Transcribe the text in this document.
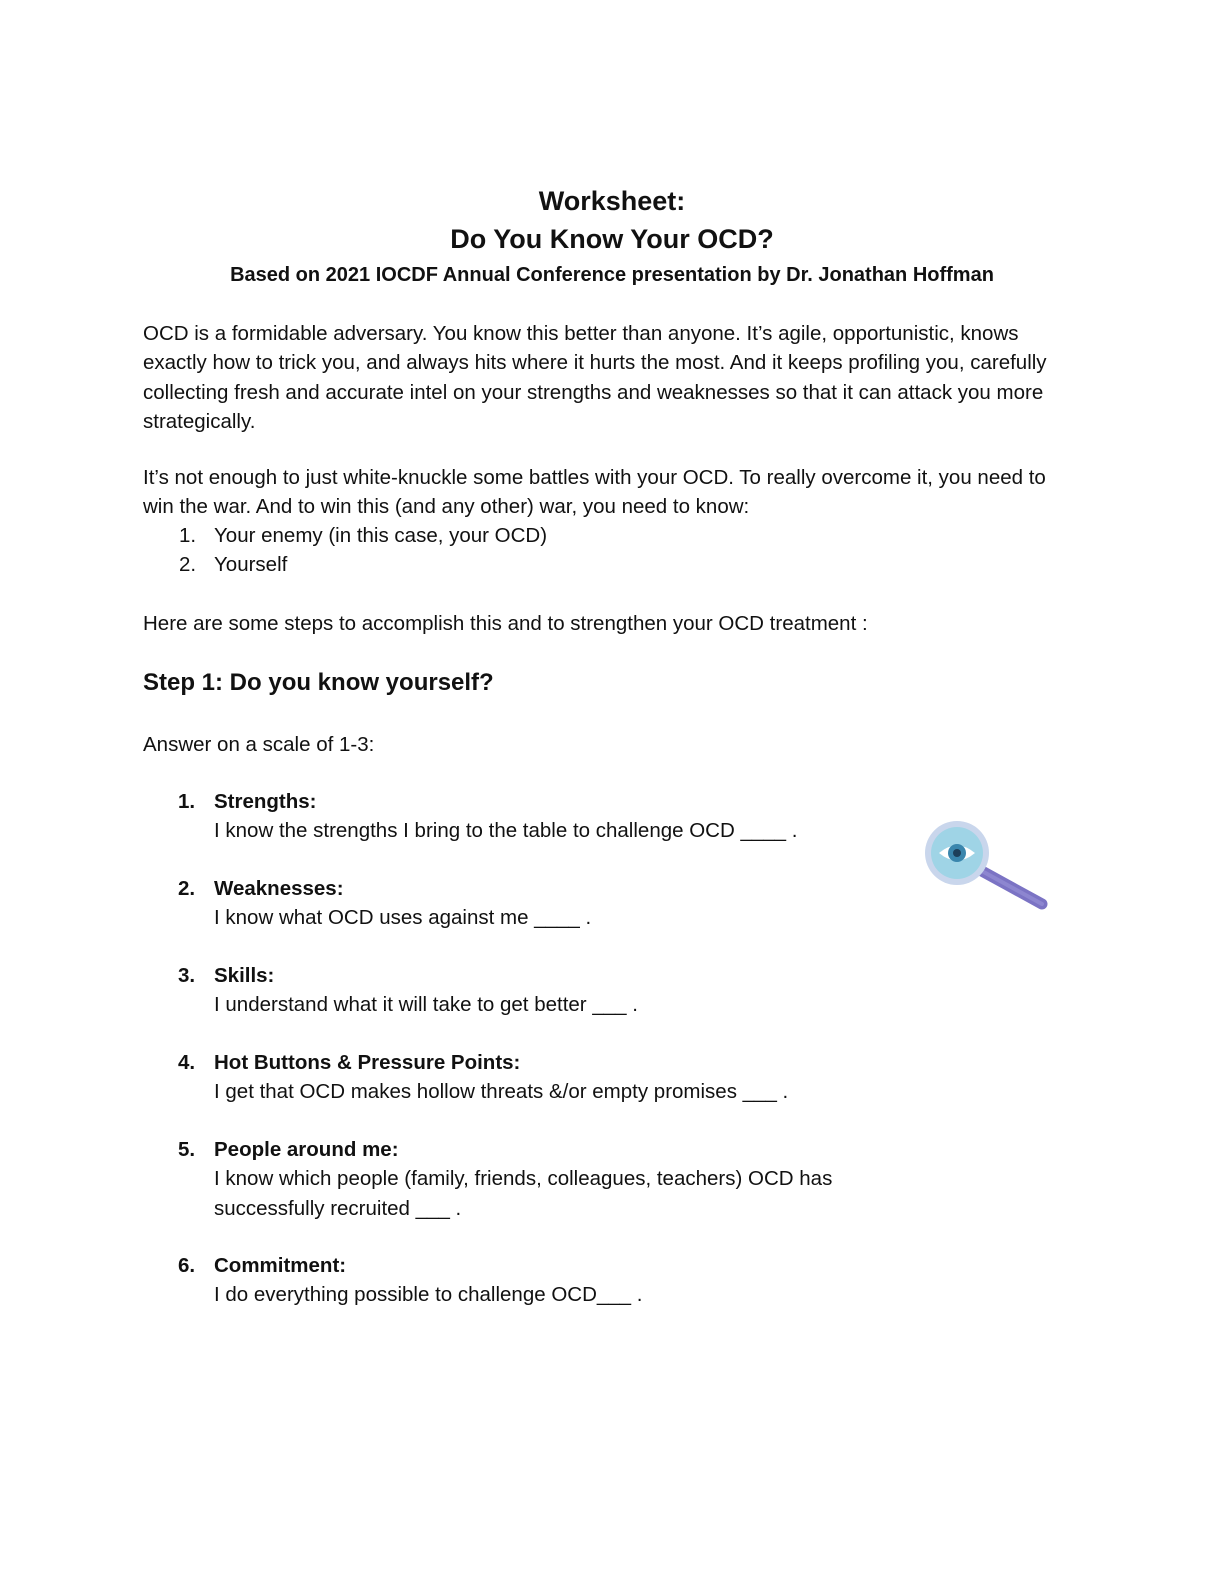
Worksheet:
Do You Know Your OCD?
Based on 2021 IOCDF Annual Conference presentation by Dr. Jonathan Hoffman

OCD is a formidable adversary. You know this better than anyone. It’s agile, opportunistic, knows exactly how to trick you, and always hits where it hurts the most. And it keeps profiling you, carefully collecting fresh and accurate intel on your strengths and weaknesses so that it can attack you more strategically.

It’s not enough to just white-knuckle some battles with your OCD. To really overcome it, you need to win the war. And to win this (and any other) war, you need to know:

1. Your enemy (in this case, your OCD)
2. Yourself

Here are some steps to accomplish this and to strengthen your OCD treatment :

Step 1: Do you know yourself?

Answer on a scale of 1-3:

1. Strengths:
I know the strengths I bring to the table to challenge OCD ____ .
2. Weaknesses:
I know what OCD uses against me ____ .
3. Skills:
I understand what it will take to get better ___ .
4. Hot Buttons & Pressure Points:
I get that OCD makes hollow threats &/or empty promises ___ .
5. People around me:
I know which people (family, friends, colleagues, teachers) OCD has successfully recruited ___ .
6. Commitment:
I do everything possible to challenge OCD___ .
